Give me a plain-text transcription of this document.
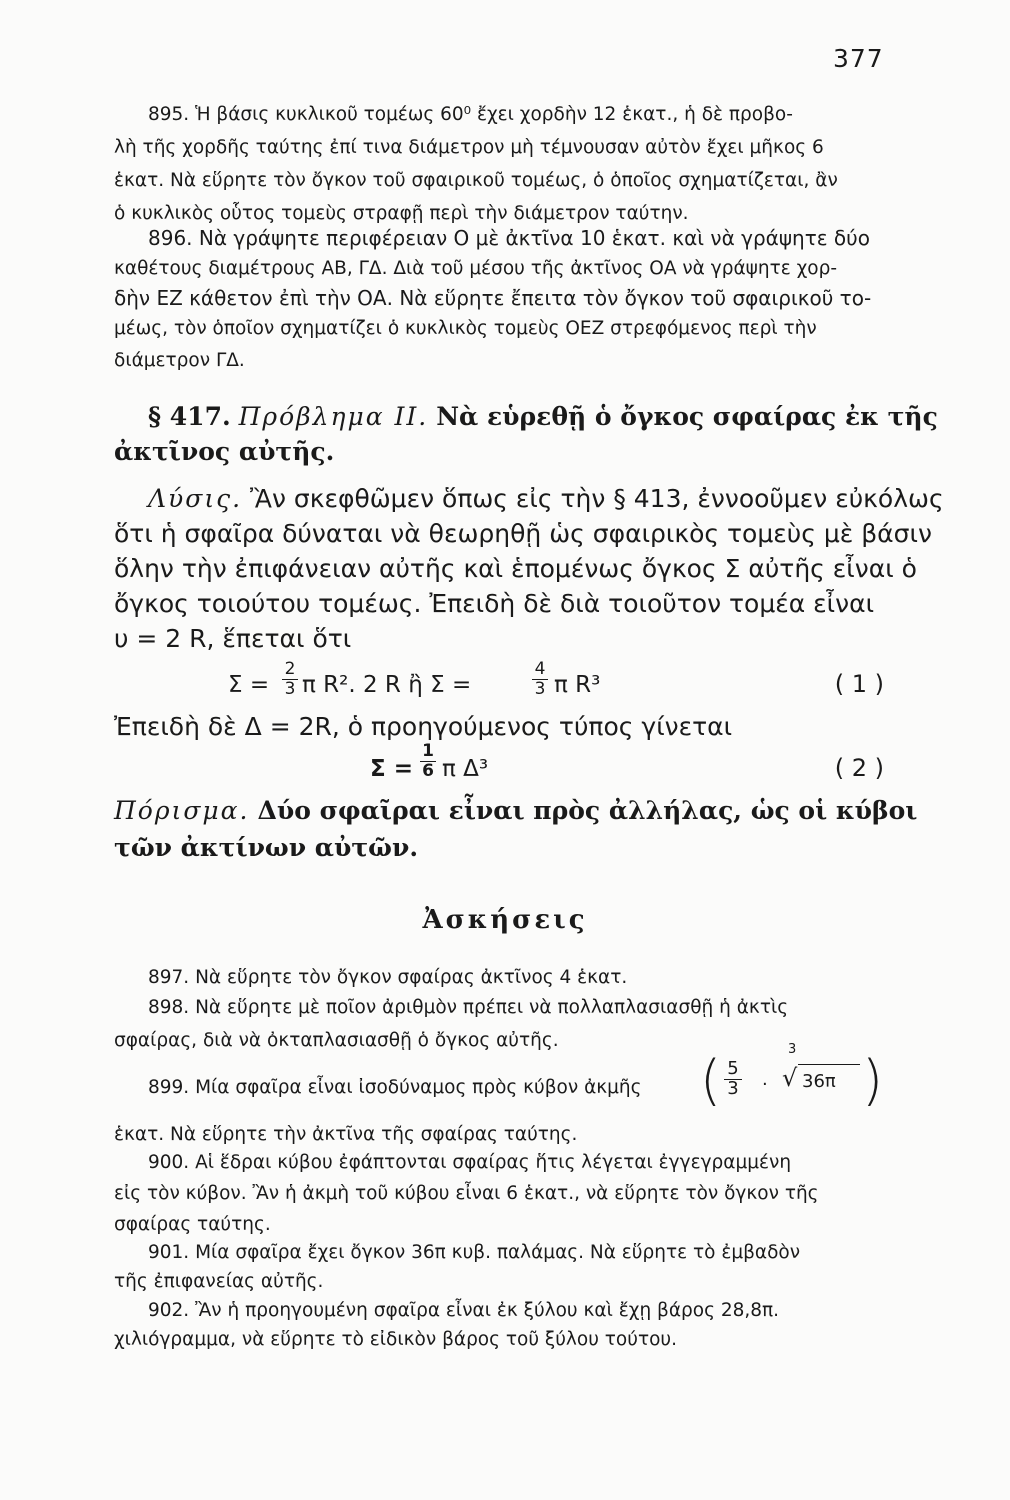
377
895. Ἡ βάσις κυκλικοῦ τομέως 60⁰ ἔχει χορδὴν 12 ἑκατ., ἡ δὲ προβο-
λὴ τῆς χορδῆς ταύτης ἐπί τινα διάμετρον μὴ τέμνουσαν αὐτὸν ἔχει μῆκος 6
ἑκατ. Νὰ εὕρητε τὸν ὄγκον τοῦ σφαιρικοῦ τομέως, ὁ ὁποῖος σχηματίζεται, ἂν
ὁ κυκλικὸς οὗτος τομεὺς στραφῇ περὶ τὴν διάμετρον ταύτην.
896. Νὰ γράψητε περιφέρειαν Ο μὲ ἀκτῖνα 10 ἑκατ. καὶ νὰ γράψητε δύο
καθέτους διαμέτρους ΑΒ, ΓΔ. Διὰ τοῦ μέσου τῆς ἀκτῖνος ΟΑ νὰ γράψητε χορ-
δὴν ΕΖ κάθετον ἐπὶ τὴν ΟΑ. Νὰ εὕρητε ἔπειτα τὸν ὄγκον τοῦ σφαιρικοῦ το-
μέως, τὸν ὁποῖον σχηματίζει ὁ κυκλικὸς τομεὺς ΟΕΖ στρεφόμενος περὶ τὴν
διάμετρον ΓΔ.
§ 417. Πρόβλημα ΙΙ. Νὰ εὑρεθῇ ὁ ὄγκος σφαίρας ἐκ τῆς
ἀκτῖνος αὐτῆς.
Λύσις. Ἂν σκεφθῶμεν ὅπως εἰς τὴν § 413, ἐννοοῦμεν εὐκόλως
ὅτι ἡ σφαῖρα δύναται νὰ θεωρηθῇ ὡς σφαιρικὸς τομεὺς μὲ βάσιν
ὅλην τὴν ἐπιφάνειαν αὐτῆς καὶ ἑπομένως ὄγκος Σ αὐτῆς εἶναι ὁ
ὄγκος τοιούτου τομέως. Ἐπειδὴ δὲ διὰ τοιοῦτον τομέα εἶναι
υ = 2 R, ἕπεται ὅτι
Σ =
2
3 π R². 2 R ἢ Σ =
4
3 π R³	( 1 )
Ἐπειδὴ δὲ Δ = 2R, ὁ προηγούμενος τύπος γίνεται
Σ =
1
6 π Δ³	( 2 )
Πόρισμα. Δύο σφαῖραι εἶναι πρὸς ἀλλήλας, ὡς οἱ κύβοι
τῶν ἀκτίνων αὐτῶν.
Ἀσκήσεις
897. Νὰ εὕρητε τὸν ὄγκον σφαίρας ἀκτῖνος 4 ἑκατ.
898. Νὰ εὕρητε μὲ ποῖον ἀριθμὸν πρέπει νὰ πολλαπλασιασθῇ ἡ ἀκτὶς
σφαίρας, διὰ νὰ ὀκταπλασιασθῇ ὁ ὄγκος αὐτῆς.
899. Μία σφαῖρα εἶναι ἰσοδύναμος πρὸς κύβον ἀκμῆς	( 5
3 ·
3
√ 36π )
ἑκατ. Νὰ εὕρητε τὴν ἀκτῖνα τῆς σφαίρας ταύτης.
900. Αἱ ἕδραι κύβου ἐφάπτονται σφαίρας ἥτις λέγεται ἐγγεγραμμένη
εἰς τὸν κύβον. Ἂν ἡ ἀκμὴ τοῦ κύβου εἶναι 6 ἑκατ., νὰ εὕρητε τὸν ὄγκον τῆς
σφαίρας ταύτης.
901. Μία σφαῖρα ἔχει ὄγκον 36π κυβ. παλάμας. Νὰ εὕρητε τὸ ἐμβαδὸν
τῆς ἐπιφανείας αὐτῆς.
902. Ἂν ἡ προηγουμένη σφαῖρα εἶναι ἐκ ξύλου καὶ ἔχῃ βάρος 28,8π.
χιλιόγραμμα, νὰ εὕρητε τὸ εἰδικὸν βάρος τοῦ ξύλου τούτου.
